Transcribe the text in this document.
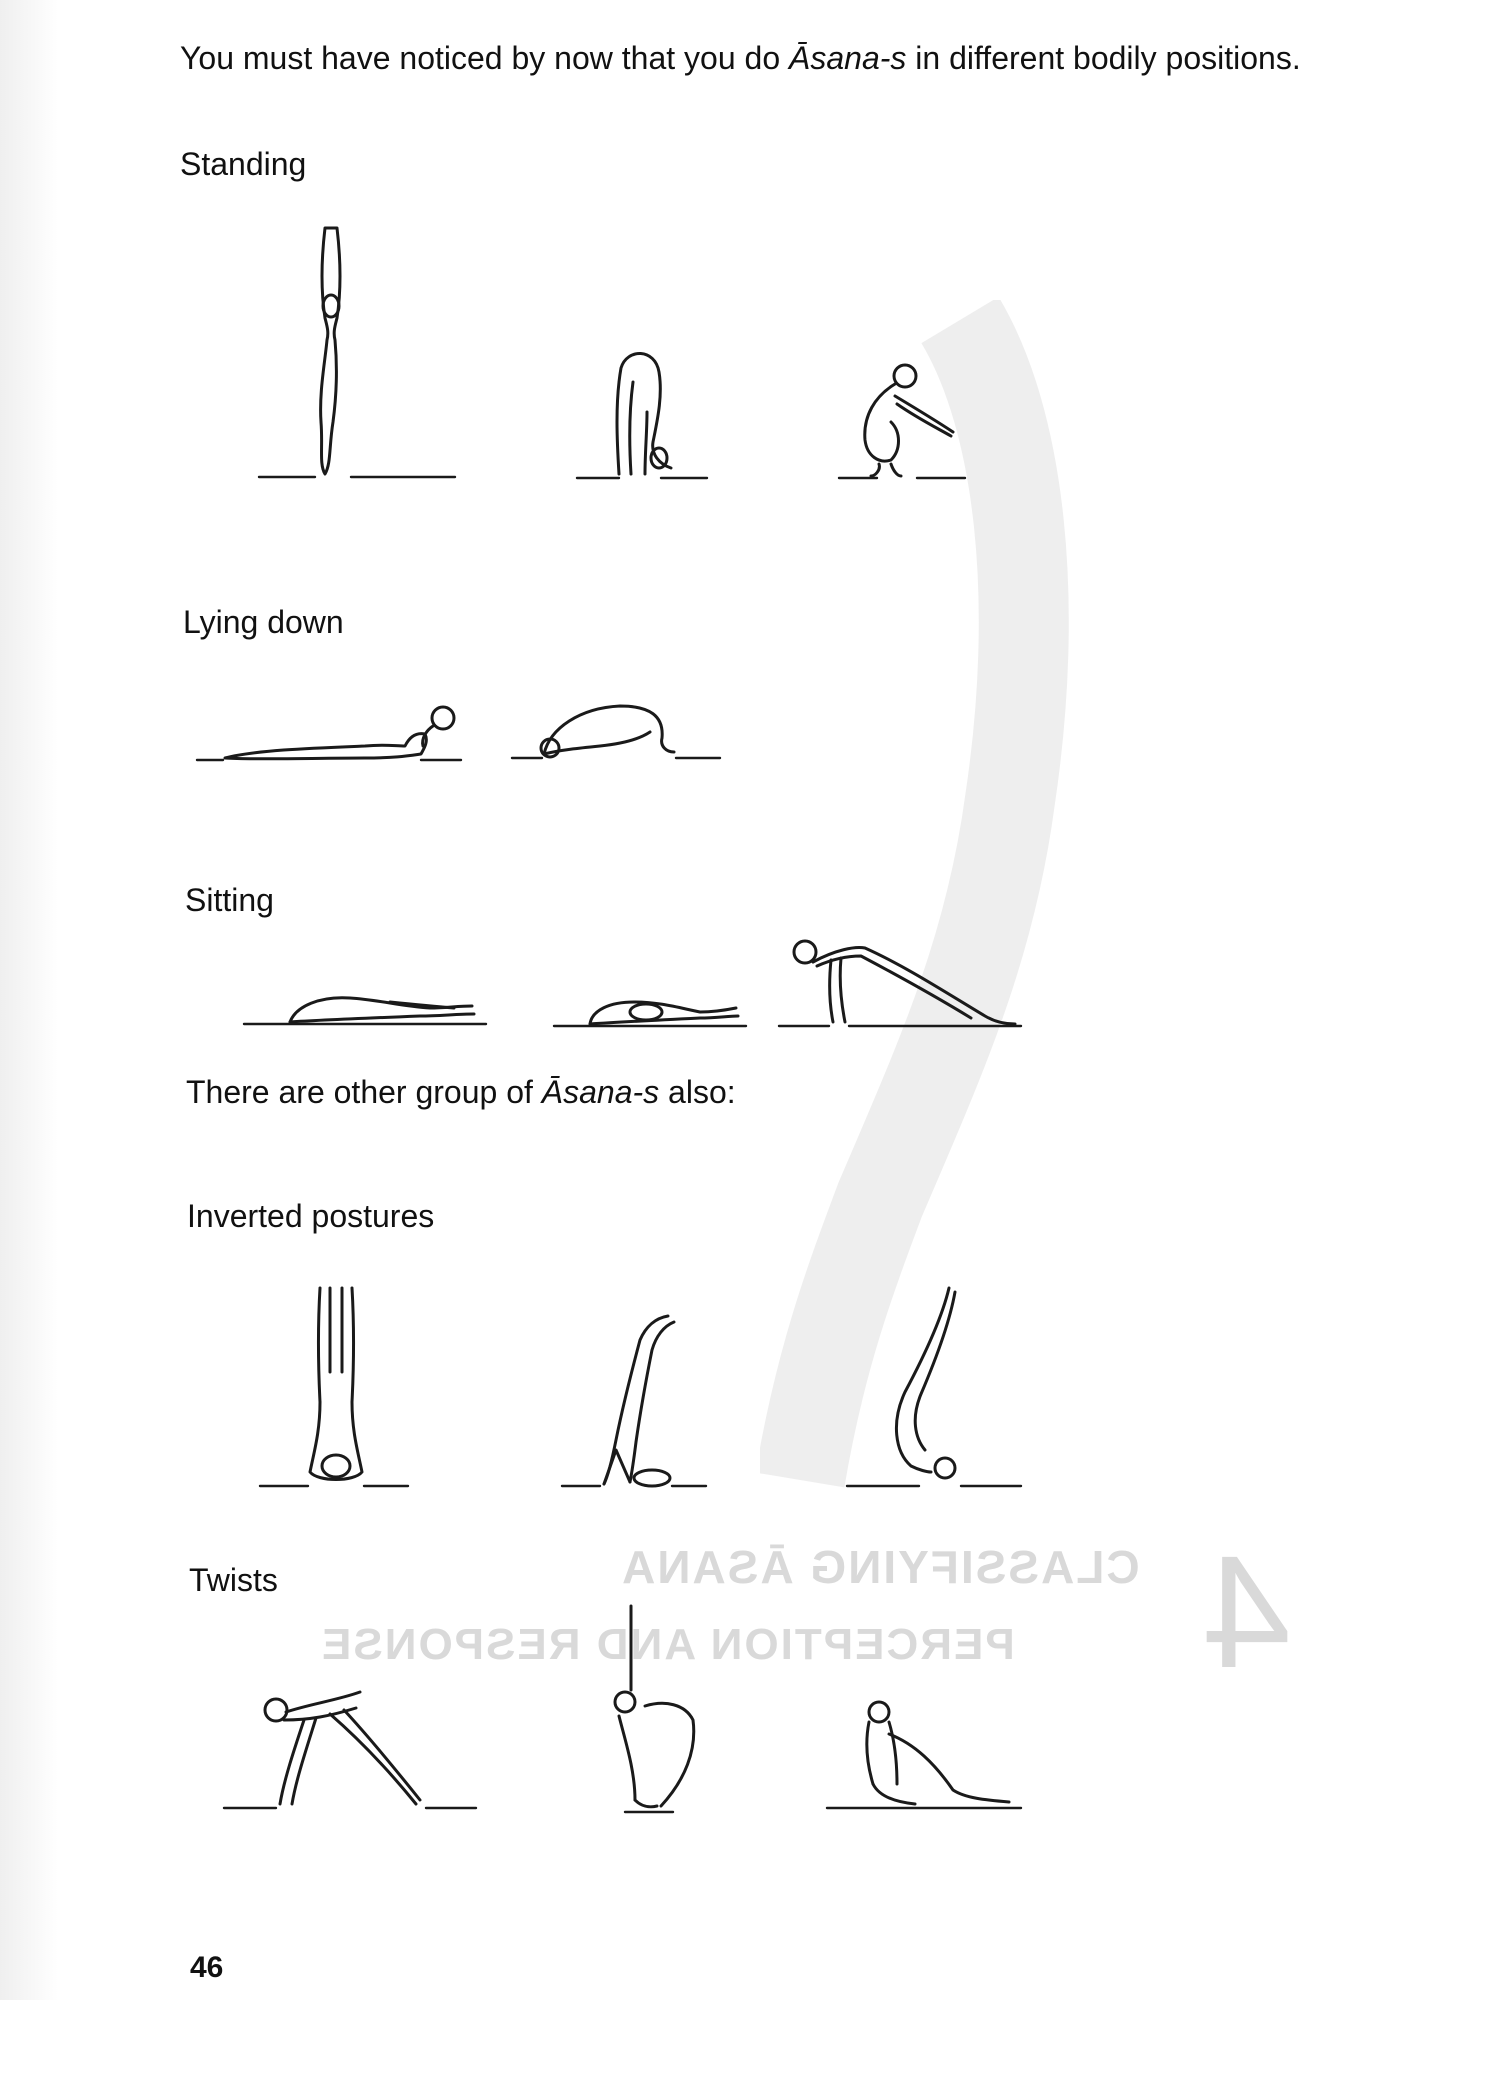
CLASSIFYING ĀSANA
PERCEPTION AND RESPONSE 4
You must have noticed by now that you do Āsana-s in different bodily positions.
Standing
Lying down
Sitting
There are other group of Āsana-s also:
Inverted postures
Twists
46
